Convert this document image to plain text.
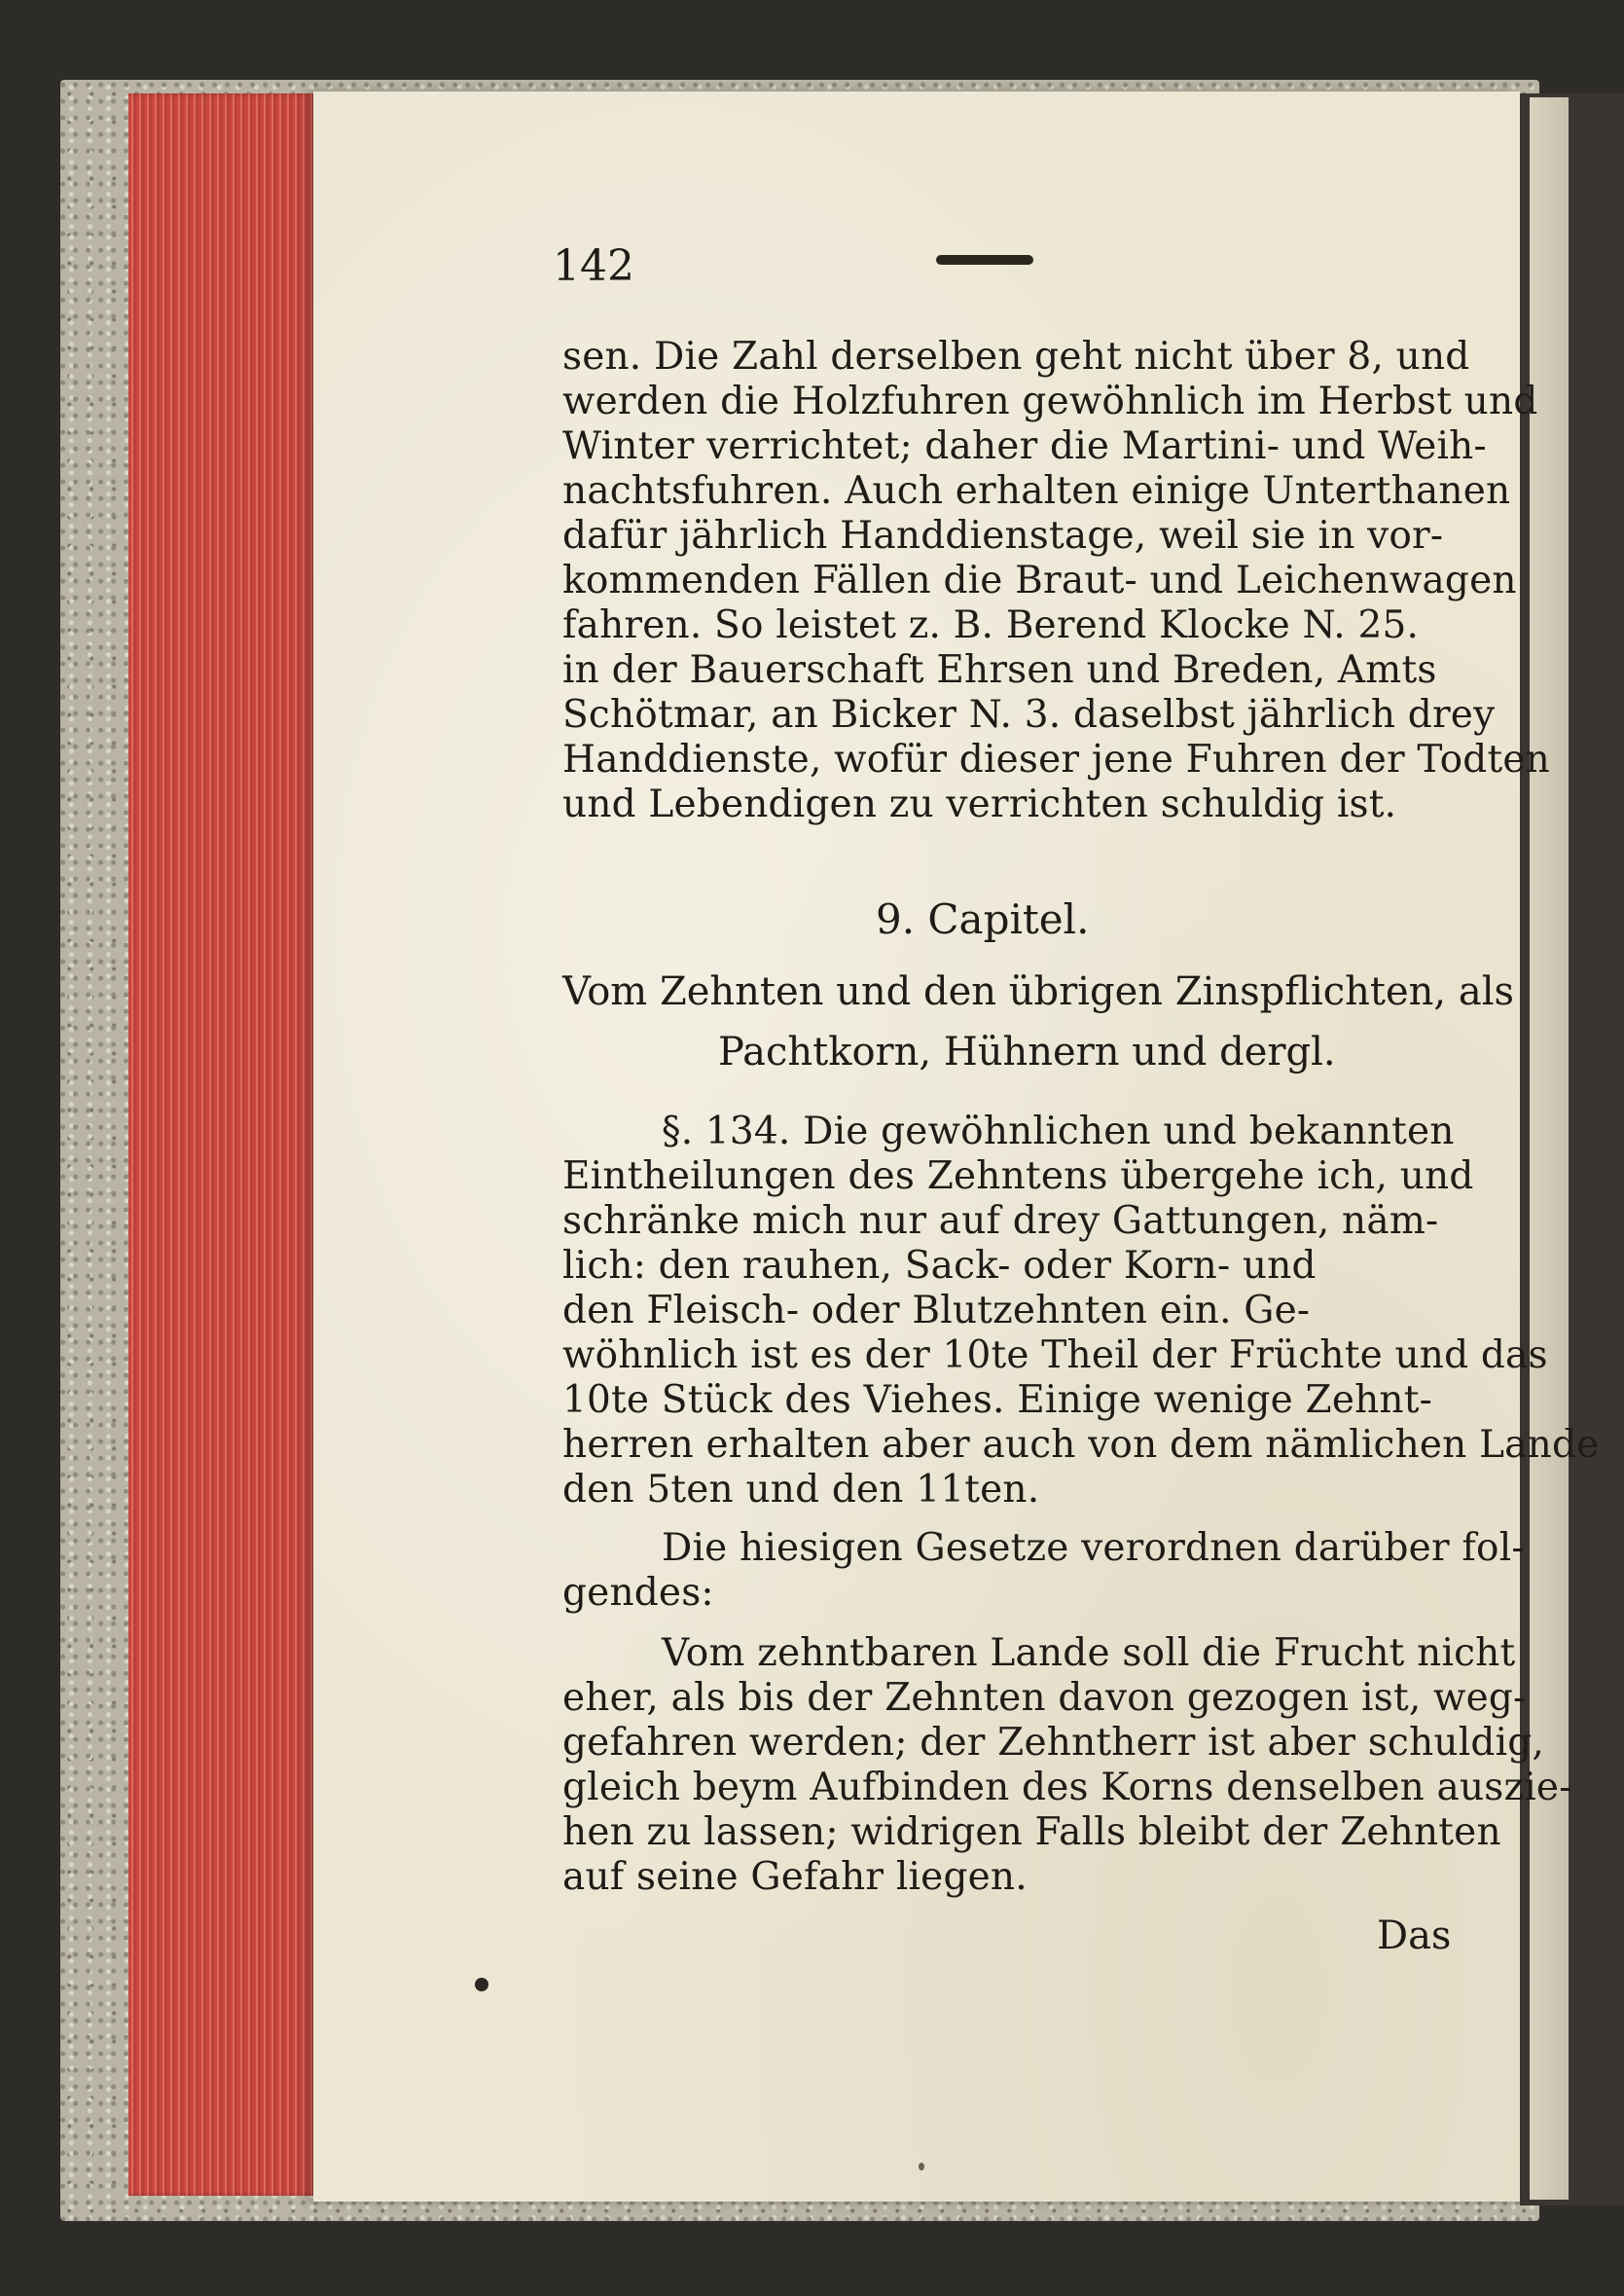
142
sen. Die Zahl derselben geht nicht über 8, und
werden die Holzfuhren gewöhnlich im Herbst und
Winter verrichtet; daher die Martini- und Weih-
nachtsfuhren. Auch erhalten einige Unterthanen
dafür jährlich Handdienstage, weil sie in vor-
kommenden Fällen die Braut- und Leichenwagen
fahren. So leistet z. B. Berend Klocke N. 25.
in der Bauerschaft Ehrsen und Breden, Amts
Schötmar, an Bicker N. 3. daselbst jährlich drey
Handdienste, wofür dieser jene Fuhren der Todten
und Lebendigen zu verrichten schuldig ist.
9. Capitel.
Vom Zehnten und den übrigen Zinspflichten, als
Pachtkorn, Hühnern und dergl.
§. 134. Die gewöhnlichen und bekannten
Eintheilungen des Zehntens übergehe ich, und
schränke mich nur auf drey Gattungen, näm-
lich: den rauhen, Sack- oder Korn- und
den Fleisch- oder Blutzehnten ein. Ge-
wöhnlich ist es der 10te Theil der Früchte und das
10te Stück des Viehes. Einige wenige Zehnt-
herren erhalten aber auch von dem nämlichen Lande
den 5ten und den 11ten.
Die hiesigen Gesetze verordnen darüber fol-
gendes:
Vom zehntbaren Lande soll die Frucht nicht
eher, als bis der Zehnten davon gezogen ist, weg-
gefahren werden; der Zehntherr ist aber schuldig,
gleich beym Aufbinden des Korns denselben auszie-
hen zu lassen; widrigen Falls bleibt der Zehnten
auf seine Gefahr liegen.
Das
